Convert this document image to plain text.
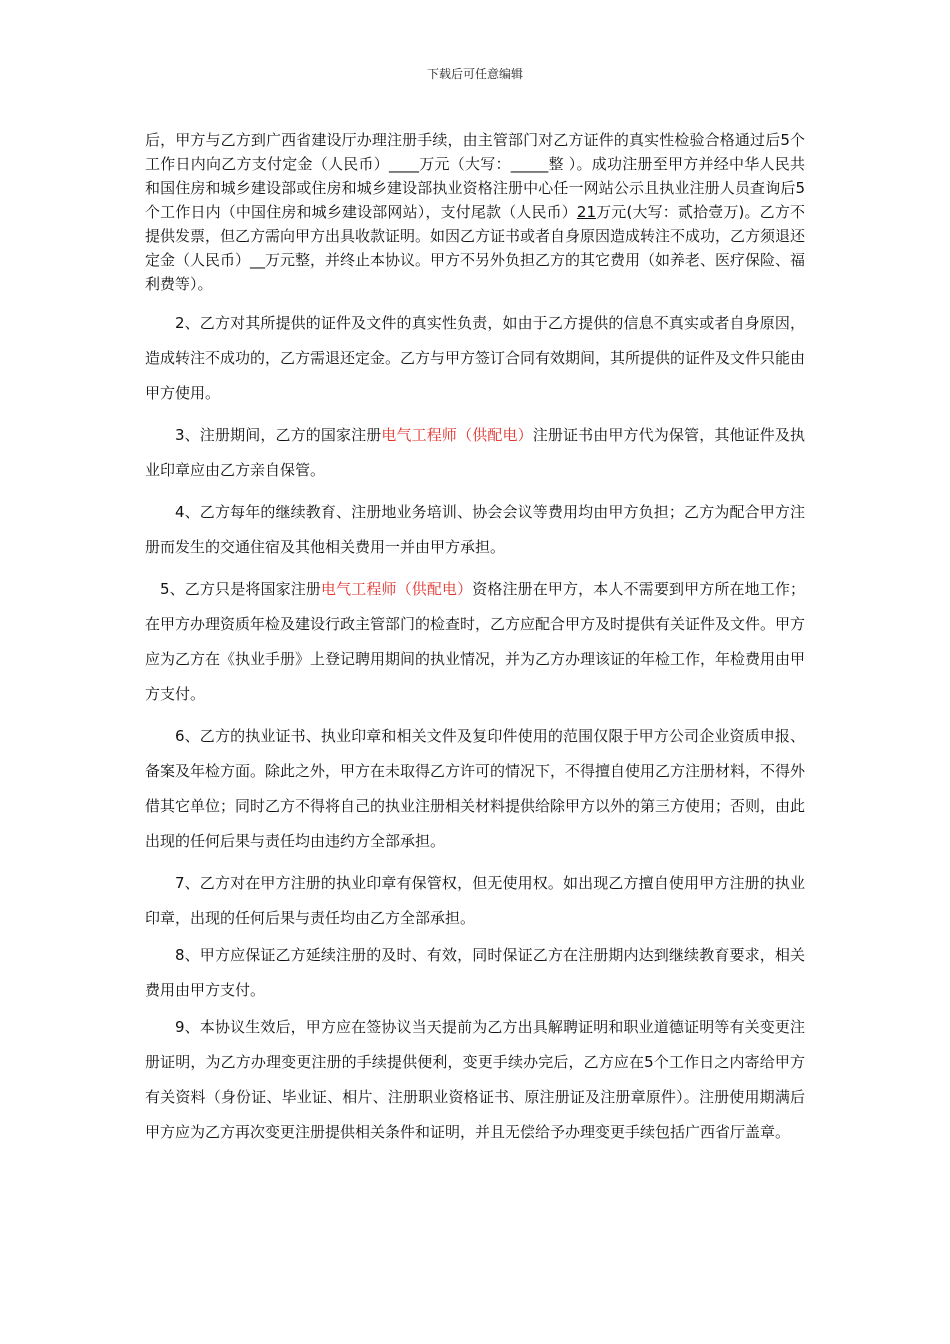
下载后可任意编辑

后，甲方与乙方到广西省建设厅办理注册手续，由主管部门对乙方证件的真实性检验合格通过后5个工作日内向乙方支付定金（人民币）____万元（大写：_____整 ）。成功注册至甲方并经中华人民共和国住房和城乡建设部或住房和城乡建设部执业资格注册中心任一网站公示且执业注册人员查询后5个工作日内（中国住房和城乡建设部网站），支付尾款（人民币）21万元(大写：贰拾壹万)。乙方不提供发票，但乙方需向甲方出具收款证明。如因乙方证书或者自身原因造成转注不成功，乙方须退还定金（人民币）__万元整，并终止本协议。甲方不另外负担乙方的其它费用（如养老、医疗保险、福利费等）。

2、乙方对其所提供的证件及文件的真实性负责，如由于乙方提供的信息不真实或者自身原因，造成转注不成功的，乙方需退还定金。乙方与甲方签订合同有效期间，其所提供的证件及文件只能由甲方使用。

3、注册期间，乙方的国家注册电气工程师（供配电）注册证书由甲方代为保管，其他证件及执业印章应由乙方亲自保管。

4、乙方每年的继续教育、注册地业务培训、协会会议等费用均由甲方负担；乙方为配合甲方注册而发生的交通住宿及其他相关费用一并由甲方承担。

5、乙方只是将国家注册电气工程师（供配电）资格注册在甲方，本人不需要到甲方所在地工作；在甲方办理资质年检及建设行政主管部门的检查时，乙方应配合甲方及时提供有关证件及文件。甲方应为乙方在《执业手册》上登记聘用期间的执业情况，并为乙方办理该证的年检工作，年检费用由甲方支付。

6、乙方的执业证书、执业印章和相关文件及复印件使用的范围仅限于甲方公司企业资质申报、备案及年检方面。除此之外，甲方在未取得乙方许可的情况下，不得擅自使用乙方注册材料，不得外借其它单位；同时乙方不得将自己的执业注册相关材料提供给除甲方以外的第三方使用；否则，由此出现的任何后果与责任均由违约方全部承担。

7、乙方对在甲方注册的执业印章有保管权，但无使用权。如出现乙方擅自使用甲方注册的执业印章，出现的任何后果与责任均由乙方全部承担。

8、甲方应保证乙方延续注册的及时、有效，同时保证乙方在注册期内达到继续教育要求，相关费用由甲方支付。

9、本协议生效后，甲方应在签协议当天提前为乙方出具解聘证明和职业道德证明等有关变更注册证明，为乙方办理变更注册的手续提供便利，变更手续办完后，乙方应在5个工作日之内寄给甲方有关资料（身份证、毕业证、相片、注册职业资格证书、原注册证及注册章原件）。注册使用期满后甲方应为乙方再次变更注册提供相关条件和证明，并且无偿给予办理变更手续包括广西省厅盖章。
